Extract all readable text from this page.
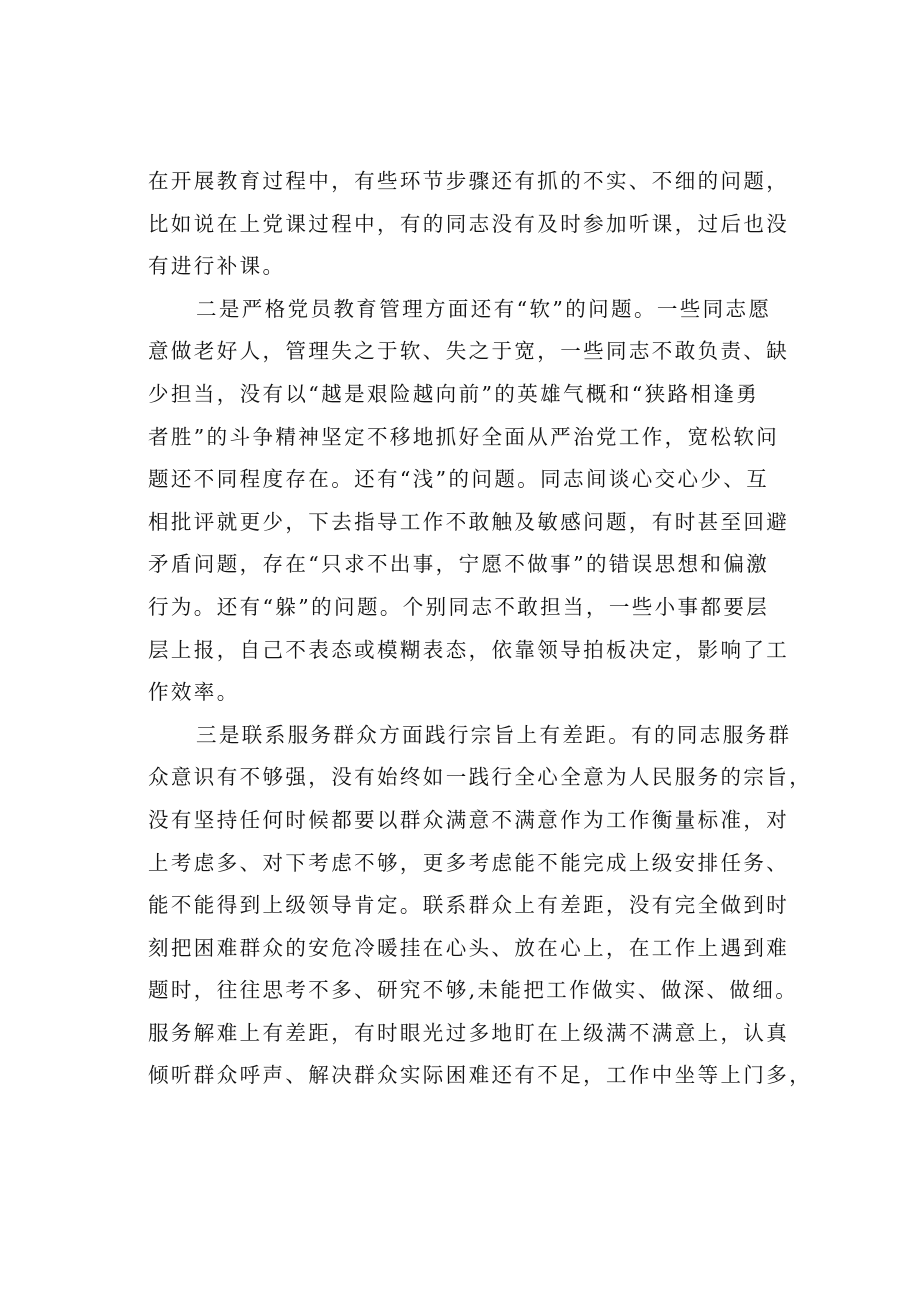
在开展教育过程中，有些环节步骤还有抓的不实、不细的问题，
比如说在上党课过程中，有的同志没有及时参加听课，过后也没
有进行补课。
二是严格党员教育管理方面还有“软”的问题。一些同志愿
意做老好人，管理失之于软、失之于宽，一些同志不敢负责、缺
少担当，没有以“越是艰险越向前”的英雄气概和“狭路相逢勇
者胜”的斗争精神坚定不移地抓好全面从严治党工作，宽松软问
题还不同程度存在。还有“浅”的问题。同志间谈心交心少、互
相批评就更少，下去指导工作不敢触及敏感问题，有时甚至回避
矛盾问题，存在“只求不出事，宁愿不做事”的错误思想和偏激
行为。还有“躲”的问题。个别同志不敢担当，一些小事都要层
层上报，自己不表态或模糊表态，依靠领导拍板决定，影响了工
作效率。
三是联系服务群众方面践行宗旨上有差距。有的同志服务群
众意识有不够强，没有始终如一践行全心全意为人民服务的宗旨，
没有坚持任何时候都要以群众满意不满意作为工作衡量标准，对
上考虑多、对下考虑不够，更多考虑能不能完成上级安排任务、
能不能得到上级领导肯定。联系群众上有差距，没有完全做到时
刻把困难群众的安危冷暖挂在心头、放在心上，在工作上遇到难
题时，往往思考不多、研究不够,未能把工作做实、做深、做细。
服务解难上有差距，有时眼光过多地盯在上级满不满意上，认真
倾听群众呼声、解决群众实际困难还有不足，工作中坐等上门多，
